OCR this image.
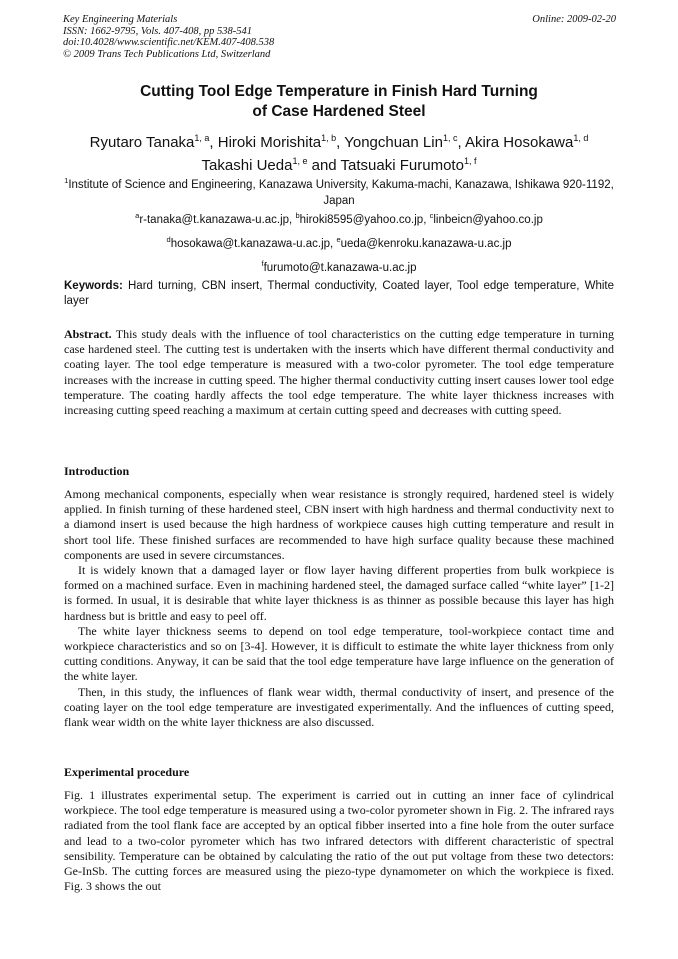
Key Engineering Materials
ISSN: 1662-9795, Vols. 407-408, pp 538-541
doi:10.4028/www.scientific.net/KEM.407-408.538
© 2009 Trans Tech Publications Ltd, Switzerland
Online: 2009-02-20
Cutting Tool Edge Temperature in Finish Hard Turning
of Case Hardened Steel
Ryutaro Tanaka$^{1, a}$, Hiroki Morishita$^{1, b}$, Yongchuan Lin$^{1, c}$, Akira Hosokawa$^{1, d}$
Takashi Ueda$^{1, e}$ and Tatsuaki Furumoto$^{1, f}$
$^1$Institute of Science and Engineering, Kanazawa University, Kakuma-machi, Kanazawa, Ishikawa 920-1192, Japan
$^a$r-tanaka@t.kanazawa-u.ac.jp, $^b$hiroki8595@yahoo.co.jp, $^c$linbeicn@yahoo.co.jp
$^d$hosokawa@t.kanazawa-u.ac.jp, $^e$ueda@kenroku.kanazawa-u.ac.jp
$^f$furumoto@t.kanazawa-u.ac.jp
Keywords: Hard turning, CBN insert, Thermal conductivity, Coated layer, Tool edge temperature, White layer

Abstract. This study deals with the influence of tool characteristics on the cutting edge temperature in turning case hardened steel. The cutting test is undertaken with the inserts which have different thermal conductivity and coating layer. The tool edge temperature is measured with a two-color pyrometer. The tool edge temperature increases with the increase in cutting speed. The higher thermal conductivity cutting insert causes lower tool edge temperature. The coating hardly affects the tool edge temperature. The white layer thickness increases with increasing cutting speed reaching a maximum at certain cutting speed and decreases with cutting speed.

Introduction

Among mechanical components, especially when wear resistance is strongly required, hardened steel is widely applied. In finish turning of these hardened steel, CBN insert with high hardness and thermal conductivity next to a diamond insert is used because the high hardness of workpiece causes high cutting temperature and result in short tool life. These finished surfaces are recommended to have high surface quality because these machined components are used in severe circumstances.

It is widely known that a damaged layer or flow layer having different properties from bulk workpiece is formed on a machined surface. Even in machining hardened steel, the damaged surface called “white layer” [1-2] is formed. In usual, it is desirable that white layer thickness is as thinner as possible because this layer has high hardness but is brittle and easy to peel off.

The white layer thickness seems to depend on tool edge temperature, tool-workpiece contact time and workpiece characteristics and so on [3-4]. However, it is difficult to estimate the white layer thickness from only cutting conditions. Anyway, it can be said that the tool edge temperature have large influence on the generation of the white layer.

Then, in this study, the influences of flank wear width, thermal conductivity of insert, and presence of the coating layer on the tool edge temperature are investigated experimentally. And the influences of cutting speed, flank wear width on the white layer thickness are also discussed.

Experimental procedure

Fig. 1 illustrates experimental setup. The experiment is carried out in cutting an inner face of cylindrical workpiece. The tool edge temperature is measured using a two-color pyrometer shown in Fig. 2. The infrared rays radiated from the tool flank face are accepted by an optical fibber inserted into a fine hole from the outer surface and lead to a two-color pyrometer which has two infrared detectors with different characteristic of spectral sensibility. Temperature can be obtained by calculating the ratio of the out put voltage from these two detectors: Ge-InSb. The cutting forces are measured using the piezo-type dynamometer on which the workpiece is fixed. Fig. 3 shows the out
